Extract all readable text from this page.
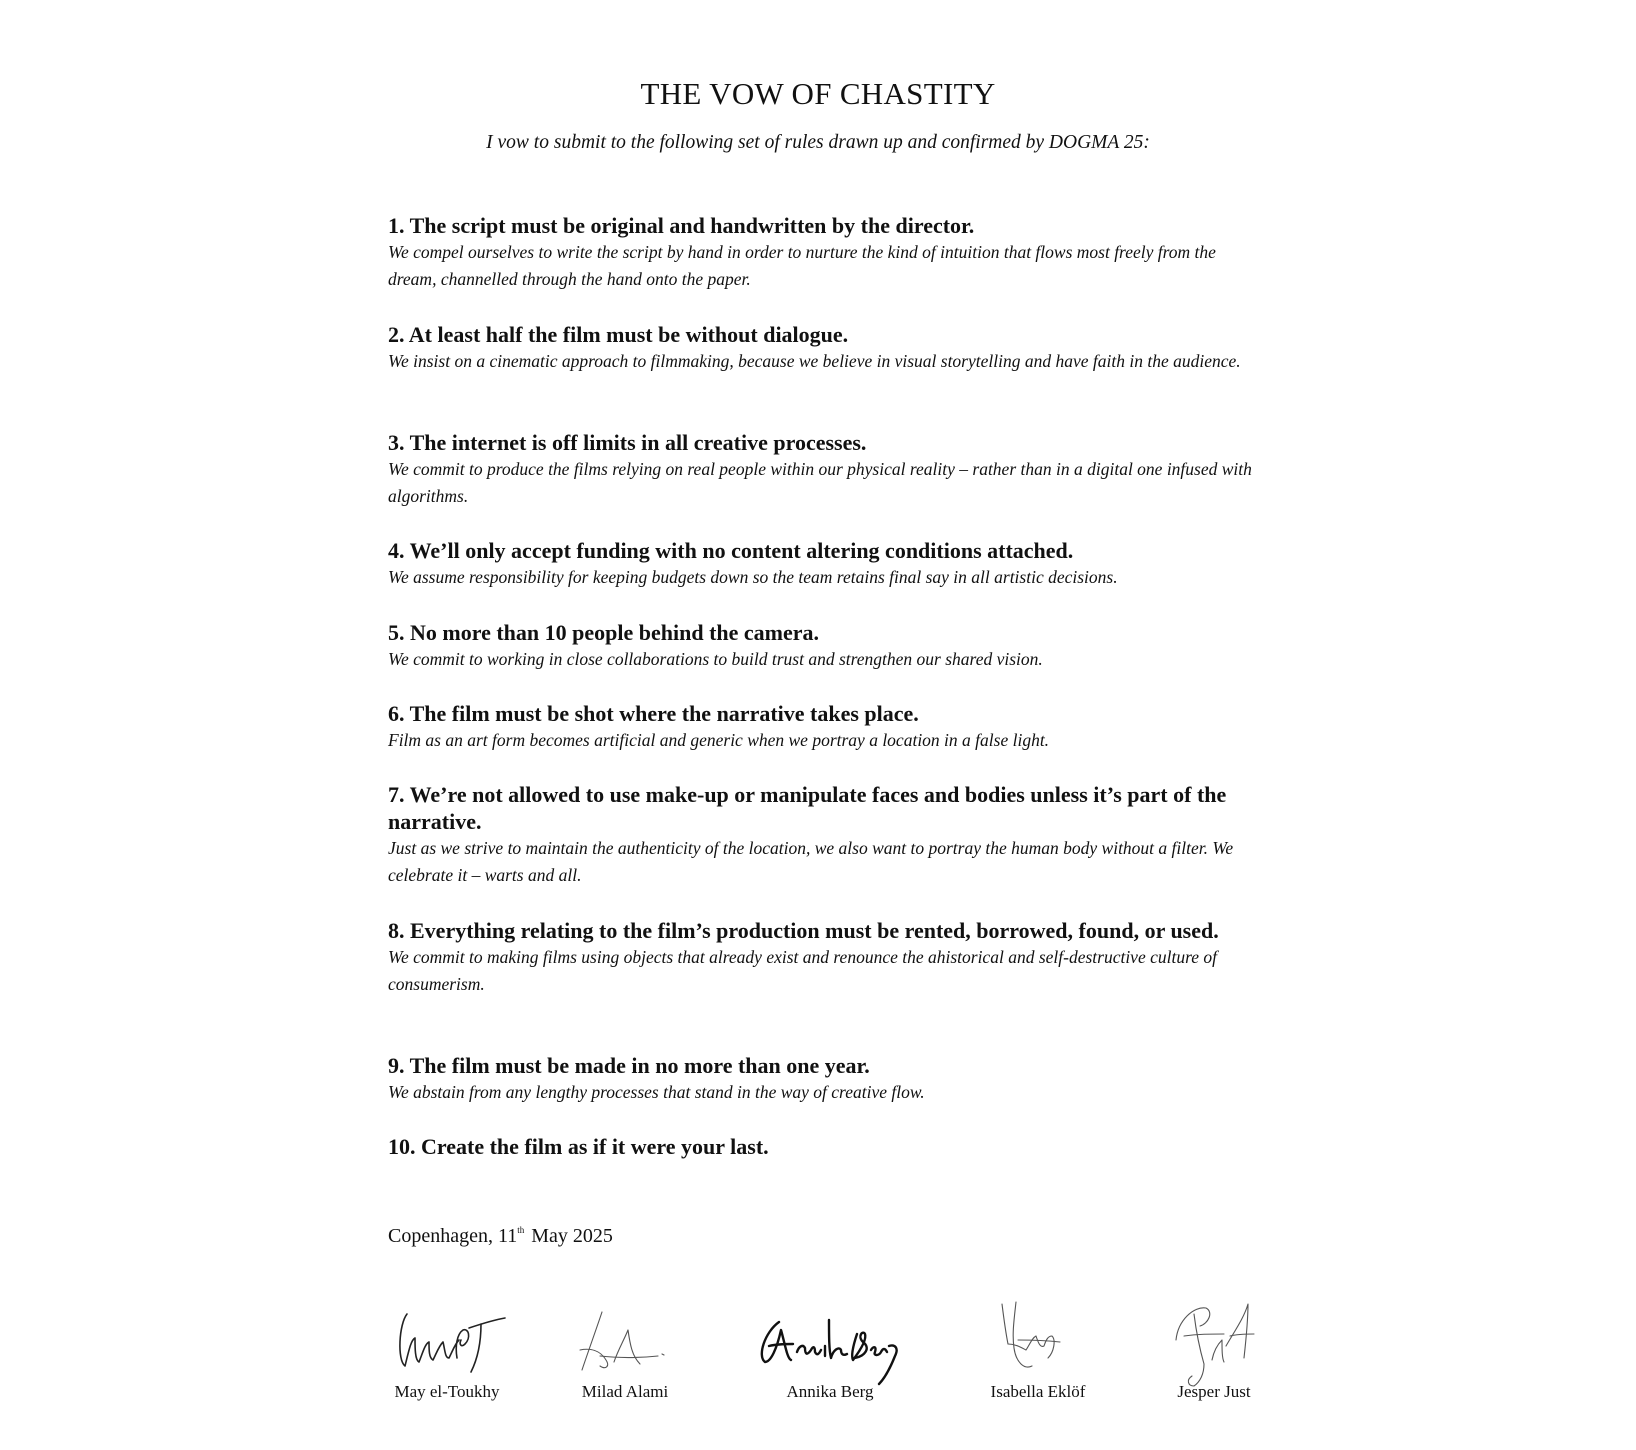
THE VOW OF CHASTITY

I vow to submit to the following set of rules drawn up and confirmed by DOGMA 25:

1. The script must be original and handwritten by the director.

We compel ourselves to write the script by hand in order to nurture the kind of intuition that flows most freely from the dream, channelled through the hand onto the paper.

2. At least half the film must be without dialogue.

We insist on a cinematic approach to filmmaking, because we believe in visual storytelling and have faith in the audience.

3. The internet is off limits in all creative processes.

We commit to produce the films relying on real people within our physical reality – rather than in a digital one infused with algorithms.

4. We’ll only accept funding with no content altering conditions attached.

We assume responsibility for keeping budgets down so the team retains final say in all artistic decisions.

5. No more than 10 people behind the camera.

We commit to working in close collaborations to build trust and strengthen our shared vision.

6. The film must be shot where the narrative takes place.

Film as an art form becomes artificial and generic when we portray a location in a false light.

7. We’re not allowed to use make-up or manipulate faces and bodies unless it’s part of the narrative.

Just as we strive to maintain the authenticity of the location, we also want to portray the human body without a filter. We celebrate it – warts and all.

8. Everything relating to the film’s production must be rented, borrowed, found, or used.

We commit to making films using objects that already exist and renounce the ahistorical and self-destructive culture of consumerism.

9. The film must be made in no more than one year.

We abstain from any lengthy processes that stand in the way of creative flow.

10. Create the film as if it were your last.

Copenhagen, 11th May 2025

May el-Toukhy	Milad Alami	Annika Berg	Isabella Eklöf	Jesper Just
